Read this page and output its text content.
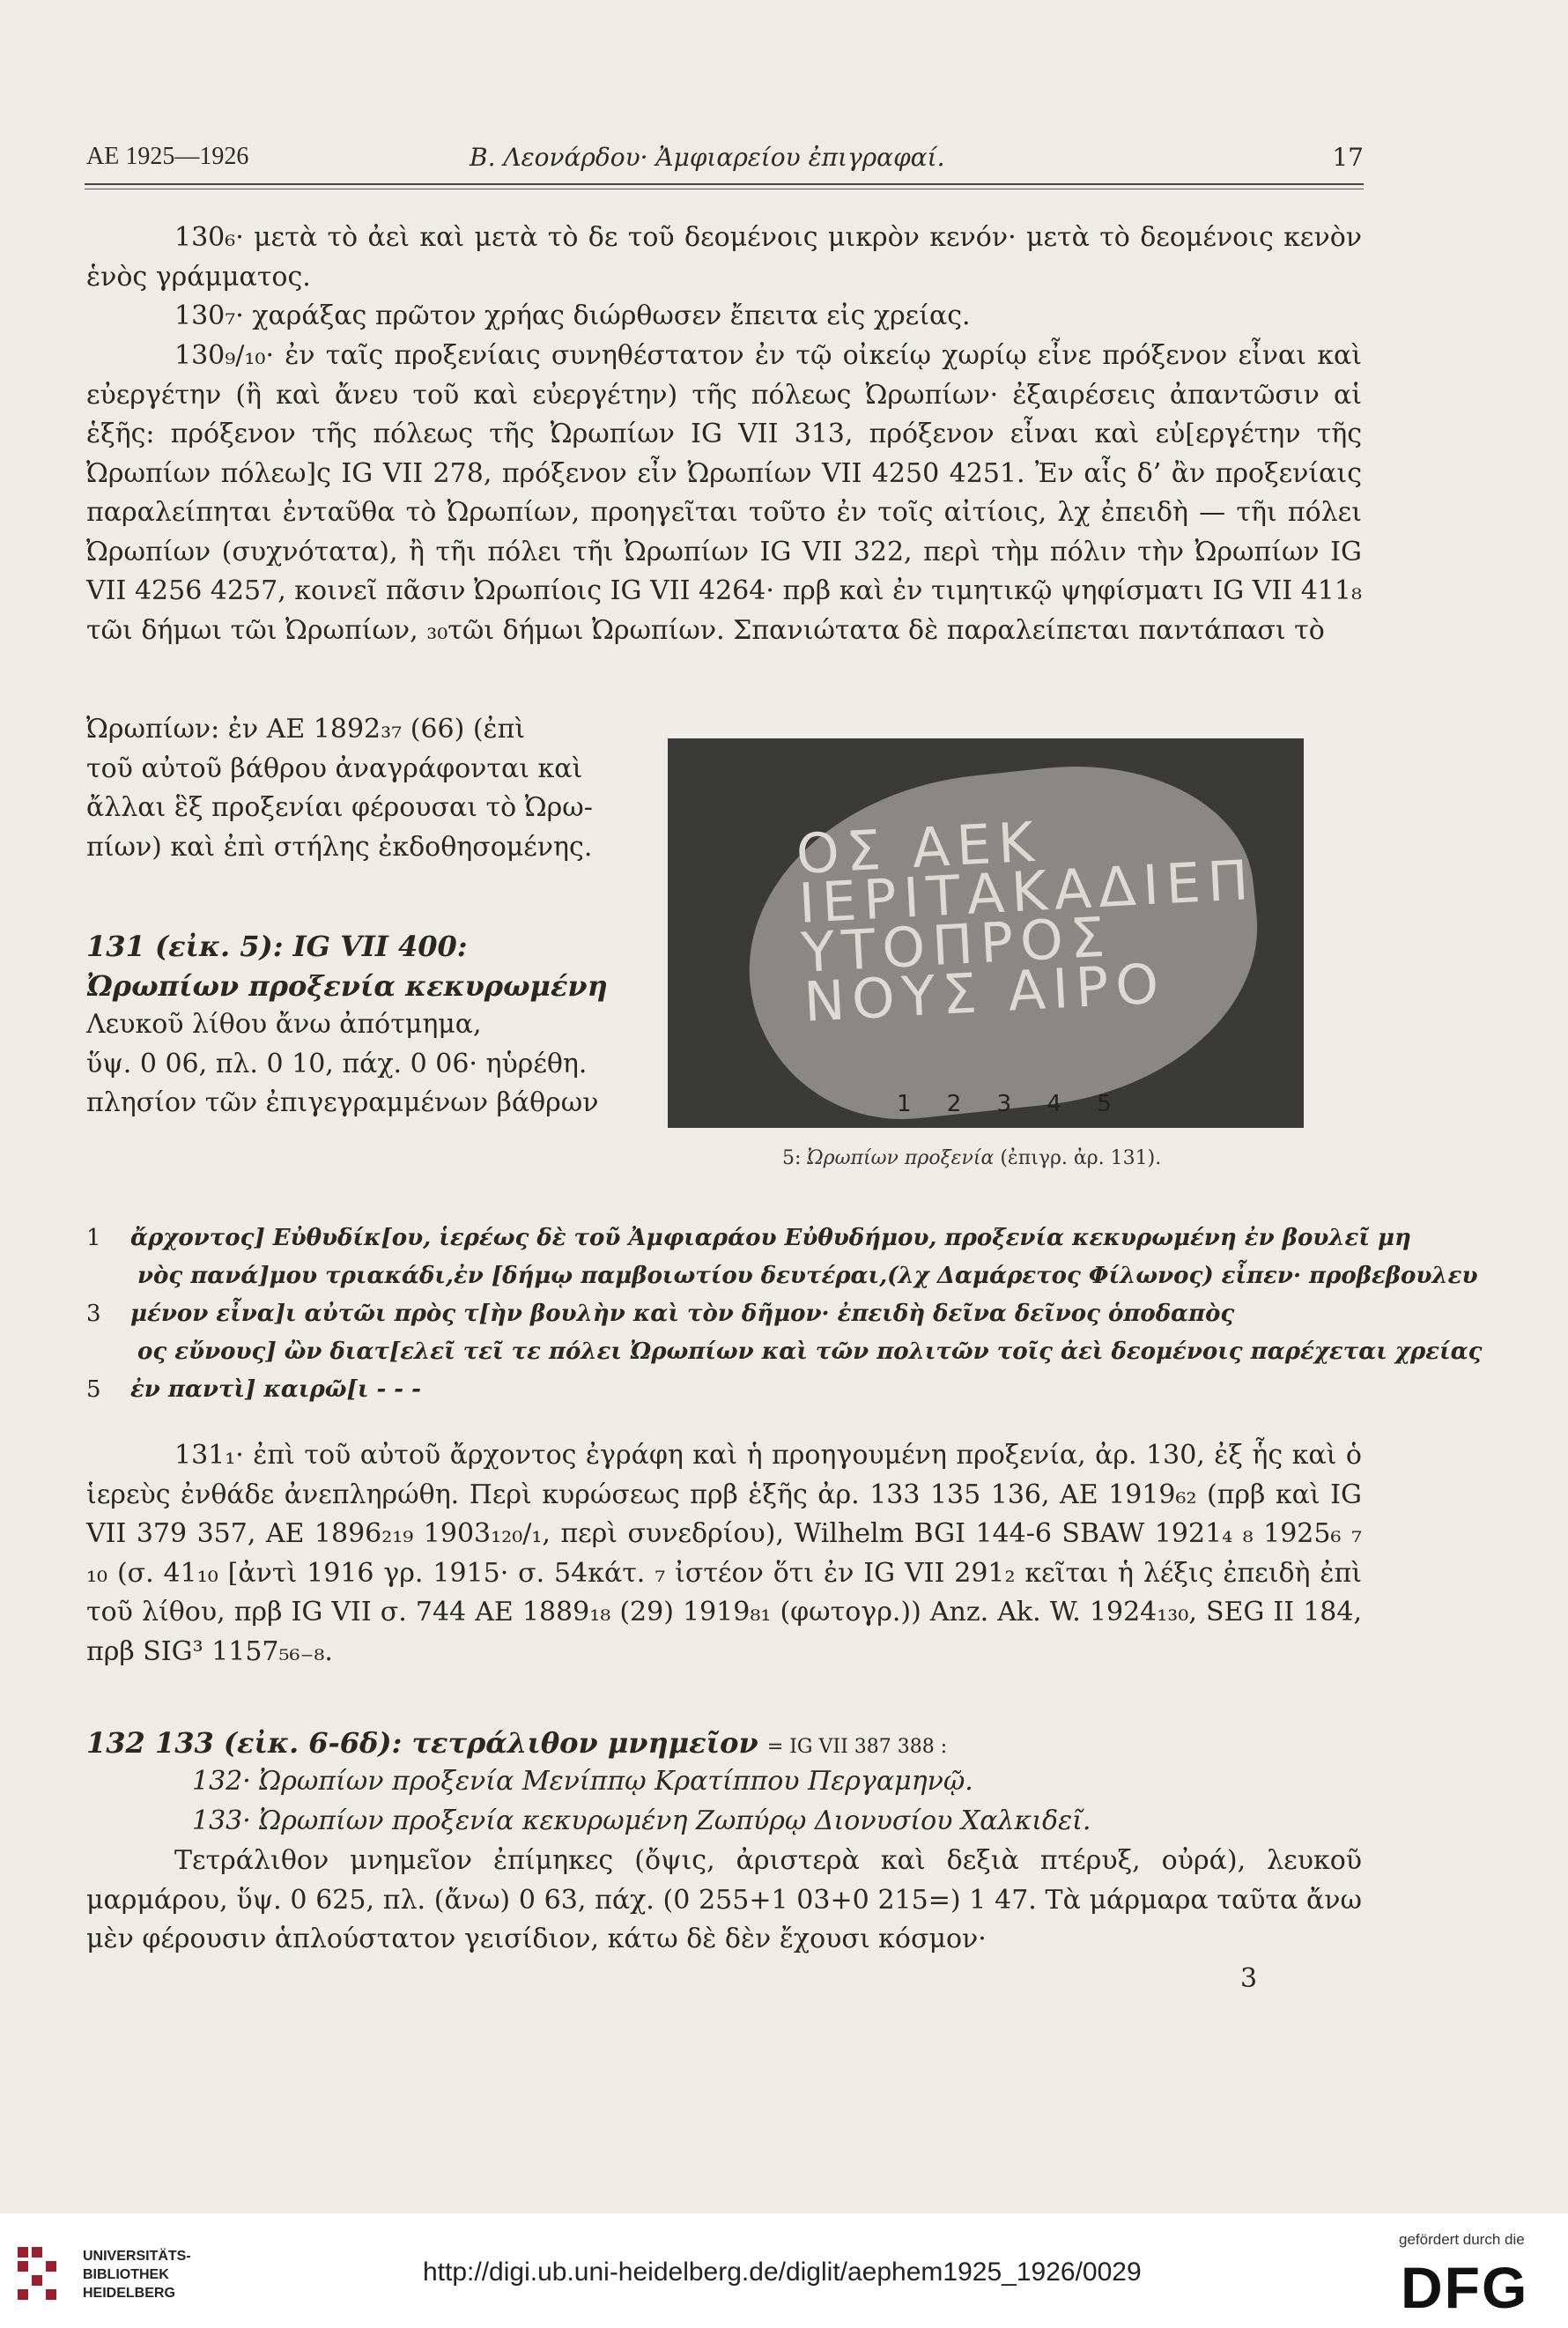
ΑΕ 1925—1926	Β. Λεονάρδου· Ἀμφιαρείου ἐπιγραφαί.	17
130₆· μετὰ τὸ ἀεὶ καὶ μετὰ τὸ δε τοῦ δεομένοις μικρὸν κενόν· μετὰ τὸ δεομένοις κενὸν ἑνὸς γράμματος.
130₇· χαράξας πρῶτον χρήας διώρθωσεν ἔπειτα εἰς χρείας.
130₉/₁₀· ἐν ταῖς προξενίαις συνηθέστατον ἐν τῷ οἰκείῳ χωρίῳ εἶνε πρόξενον εἶναι καὶ εὐεργέτην (ἢ καὶ ἄνευ τοῦ καὶ εὐεργέτην) τῆς πόλεως Ὠρωπίων· ἐξαιρέσεις ἀπαντῶσιν αἱ ἑξῆς: πρόξενον τῆς πόλεως τῆς Ὠρωπίων IG VII 313, πρόξενον εἶναι καὶ εὐ[εργέτην τῆς Ὠρωπίων πόλεω]ς IG VII 278, πρόξενον εἶν Ὠρωπίων VII 4250 4251. Ἐν αἷς δ’ ἂν προξενίαις παραλείπηται ἐνταῦθα τὸ Ὠρωπίων, προηγεῖται τοῦτο ἐν τοῖς αἰτίοις, λχ ἐπειδὴ — τῆι πόλει Ὠρωπίων (συχνότατα), ἢ τῆι πόλει τῆι Ὠρωπίων IG VII 322, περὶ τὴμ πόλιν τὴν Ὠρωπίων IG VII 4256 4257, κοινεῖ πᾶσιν Ὠρωπίοις IG VII 4264· πρβ καὶ ἐν τιμητικῷ ψηφίσματι IG VII 411₈ τῶι δήμωι τῶι Ὠρωπίων, ₃₀τῶι δήμωι Ὠρωπίων. Σπανιώτατα δὲ παραλείπεται παντάπασι τὸ
Ὠρωπίων: ἐν ΑΕ 1892₃₇ (66) (ἐπὶ
τοῦ αὐτοῦ βάθρου ἀναγράφονται καὶ
ἄλλαι ἓξ προξενίαι φέρουσαι τὸ Ὠρω-
πίων) καὶ ἐπὶ στήλης ἐκδοθησομένης.
131 (εἰκ. 5): IG VII 400:
Ὠρωπίων προξενία κεκυρωμένη
Λευκοῦ λίθου ἄνω ἀπότμημα,
ὕψ. 0 06, πλ. 0 10, πάχ. 0 06· ηὑρέθη.
πλησίον τῶν ἐπιγεγραμμένων βάθρων
ΟΣ ΑΕΚ ΙΕΡΙΤΑΚΑΔΙΕΠ ΥΤΟΠΡΟΣ ΝΟΥΣ ΑΙΡΟ
1 2 3 4 5
5: Ὠρωπίων προξενία (ἐπιγρ. ἀρ. 131).
1	ἄρχοντος] Εὐθυδίκ[ου, ἱερέως δὲ τοῦ Ἀμφιαράου Εὐθυδήμου, προξενία κεκυρωμένη ἐν βουλεῖ μη
νὸς πανά]μου τριακάδι,ἐν [δήμῳ παμβοιωτίου δευτέραι,(λχ Δαμάρετος Φίλωνος) εἶπεν· προβεβουλευ
3	μένον εἶνα]ι αὐτῶι πρὸς τ[ὴν βουλὴν καὶ τὸν δῆμον· ἐπειδὴ δεῖνα δεῖνος ὁποδαπὸς
ος εὔνους] ὢν διατ[ελεῖ τεῖ τε πόλει Ὠρωπίων καὶ τῶν πολιτῶν τοῖς ἀεὶ δεομένοις παρέχεται χρείας
5	ἐν παντὶ] καιρῶ[ι - - -
131₁· ἐπὶ τοῦ αὐτοῦ ἄρχοντος ἐγράφη καὶ ἡ προηγουμένη προξενία, ἀρ. 130, ἐξ ἧς καὶ ὁ ἱερεὺς ἐνθάδε ἀνεπληρώθη. Περὶ κυρώσεως πρβ ἑξῆς ἀρ. 133 135 136, ΑΕ 1919₆₂ (πρβ καὶ IG VII 379 357, ΑΕ 1896₂₁₉ 1903₁₂₀/₁, περὶ συνεδρίου), Wilhelm BGI 144-6 SBAW 1921₄ ₈ 1925₆ ₇ ₁₀ (σ. 41₁₀ [ἀντὶ 1916 γρ. 1915· σ. 54κάτ. ₇ ἰστέον ὅτι ἐν IG VII 291₂ κεῖται ἡ λέξις ἐπειδὴ ἐπὶ τοῦ λίθου, πρβ IG VII σ. 744 ΑΕ 1889₁₈ (29) 1919₈₁ (φωτογρ.)) Anz. Ak. W. 1924₁₃₀, SEG II 184, πρβ SIG³ 1157₅₆₋₈.
132 133 (εἰκ. 6-6δ): τετράλιθον μνημεῖον = IG VII 387 388 :
132· Ὠρωπίων προξενία Μενίππῳ Κρατίππου Περγαμηνῷ.
133· Ὠρωπίων προξενία κεκυρωμένη Ζωπύρῳ Διονυσίου Χαλκιδεῖ.
Τετράλιθον μνημεῖον ἐπίμηκες (ὄψις, ἀριστερὰ καὶ δεξιὰ πτέρυξ, οὐρά), λευκοῦ μαρμάρου, ὕψ. 0 625, πλ. (ἄνω) 0 63, πάχ. (0 255+1 03+0 215=) 1 47. Τὰ μάρμαρα ταῦτα ἄνω μὲν φέρουσιν ἁπλούστατον γεισίδιον, κάτω δὲ δὲν ἔχουσι κόσμον·
3
UNIVERSITÄTS-
BIBLIOTHEK
HEIDELBERG
http://digi.ub.uni-heidelberg.de/diglit/aephem1925_1926/0029
gefördert durch die
DFG
